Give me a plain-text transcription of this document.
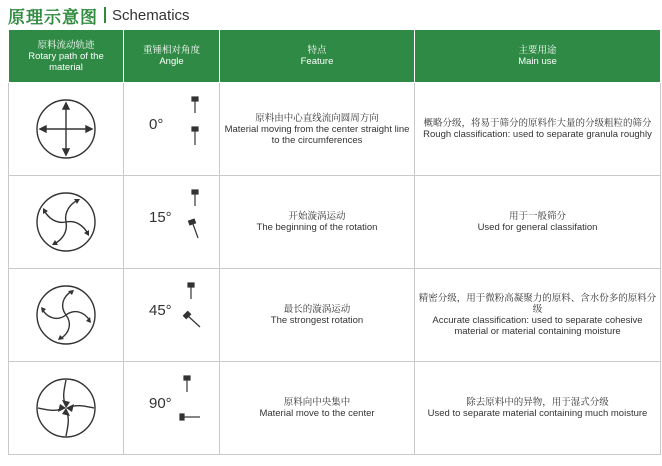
原理示意图 Schematics
原料流动轨迹
Rotary path of the
material	重锤相对角度
Angle	特点
Feature	主要用途
Main use

0°	原料由中心直线流向圆周方向
Material moving from the center straight line to the circumferences	概略分级，将易于筛分的原料作大量的分级粗粒的筛分
Rough classification: used to separate granula roughly

15°	开始漩涡运动
The beginning of the rotation	用于一般筛分
Used for general classifation

45°	最长的漩涡运动
The strongest rotation	精密分级，用于微粉高凝聚力的原料、含水份多的原料分级
Accurate classification: used to separate cohesive material or material containing moisture

90°	原料向中央集中
Material move to the center	除去原料中的异物，用于湿式分级
Used to separate material containing much moisture
